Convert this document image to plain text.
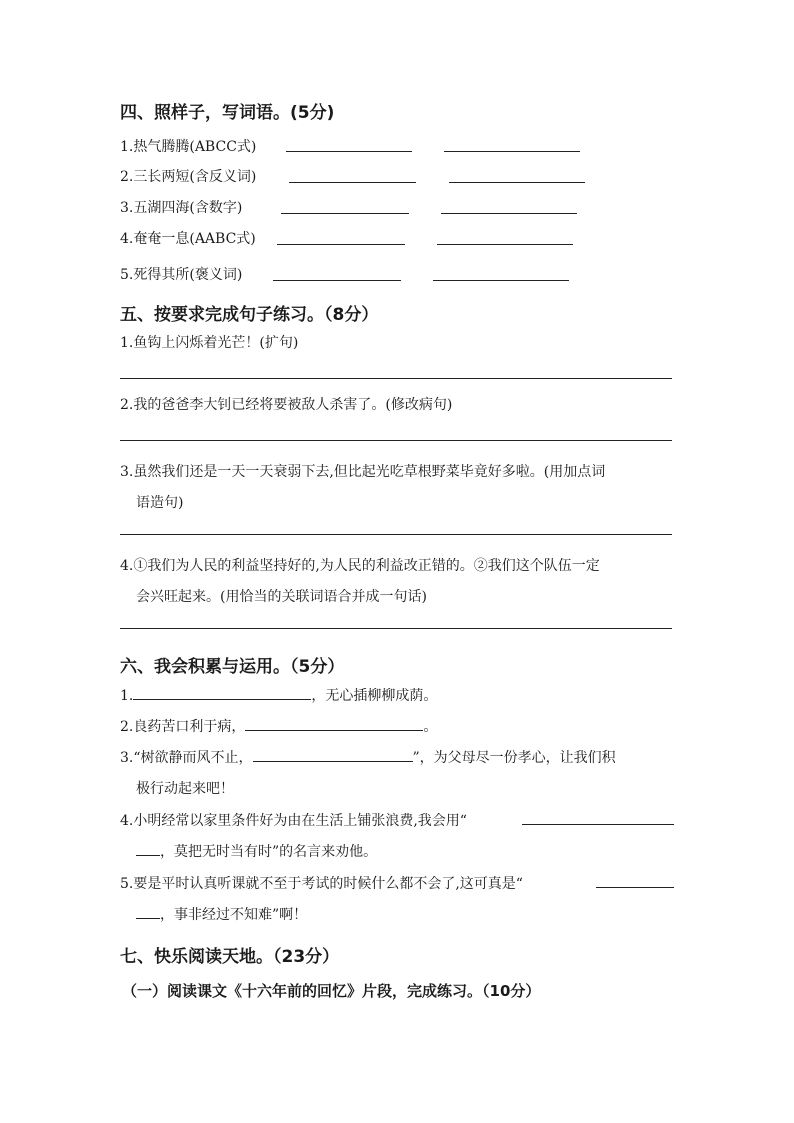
四、照样子，写词语。(5分)
1.热气腾腾(ABCC式)
2.三长两短(含反义词)
3.五湖四海(含数字)
4.奄奄一息(AABC式)
5.死得其所(褒义词)
五、按要求完成句子练习。（8分）
1.鱼钩上闪烁着光芒！(扩句)
2.我的爸爸李大钊已经将要被敌人杀害了。(修改病句)
3.虽然我们还是一天一天衰弱下去,但比起光吃草根野菜毕竟好多啦。(用加点词
语造句)
4.①我们为人民的利益坚持好的,为人民的利益改正错的。②我们这个队伍一定
会兴旺起来。(用恰当的关联词语合并成一句话)
六、我会积累与运用。（5分）
1.	，无心插柳柳成荫。
2.良药苦口利于病，	。
3.“树欲静而风不止，	”，为父母尽一份孝心，让我们积
极行动起来吧！
4.小明经常以家里条件好为由在生活上铺张浪费,我会用“
，莫把无时当有时”的名言来劝他。
5.要是平时认真听课就不至于考试的时候什么都不会了,这可真是“
，事非经过不知难”啊！
七、快乐阅读天地。（23分）
（一）阅读课文《十六年前的回忆》片段，完成练习。（10分）
